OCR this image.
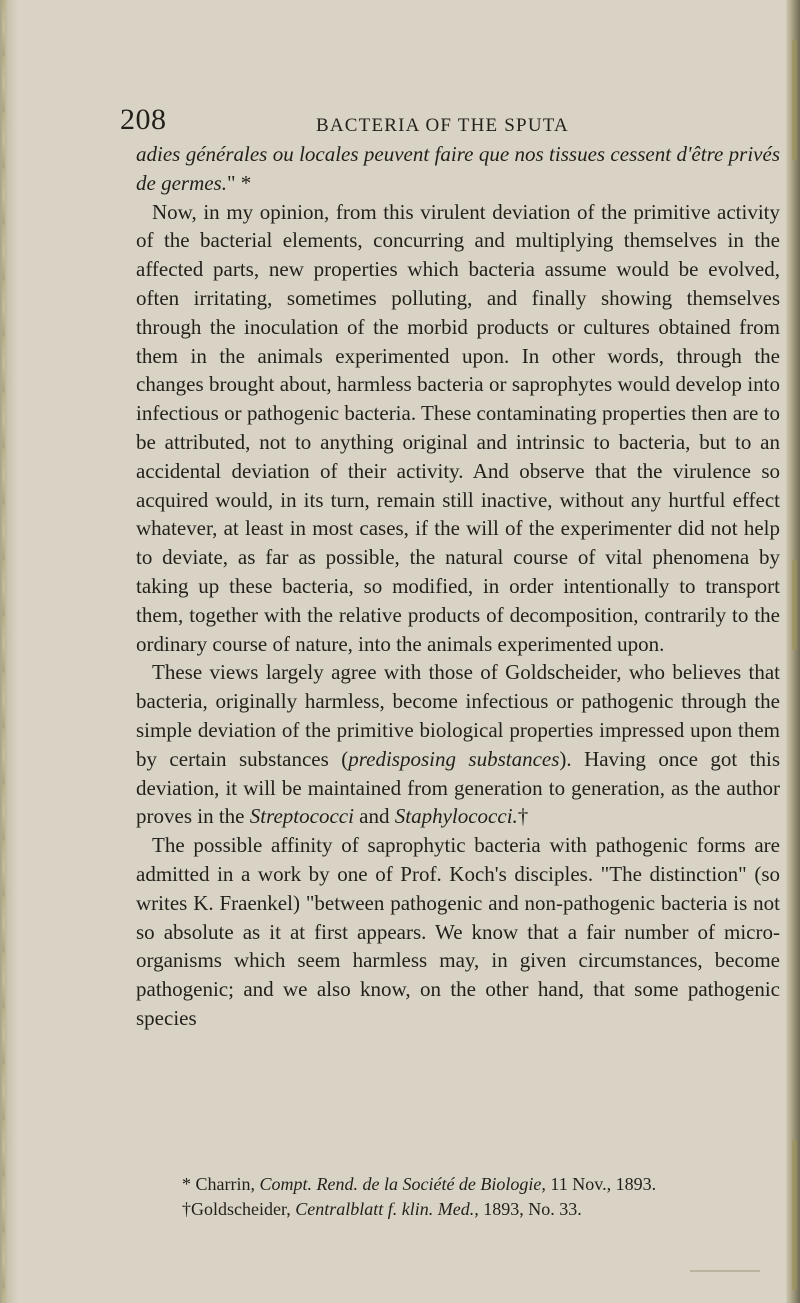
208	BACTERIA OF THE SPUTA

adies générales ou locales peuvent faire que nos tissues cessent d'être privés de germes." *

Now, in my opinion, from this virulent deviation of the primitive activity of the bacterial elements, concurring and multiplying themselves in the affected parts, new properties which bacteria assume would be evolved, often irritating, sometimes polluting, and finally showing themselves through the inoculation of the morbid products or cultures obtained from them in the animals experimented upon. In other words, through the changes brought about, harmless bacteria or saprophytes would develop into infectious or pathogenic bacteria. These contaminating properties then are to be attributed, not to anything original and intrinsic to bacteria, but to an accidental deviation of their activity. And observe that the virulence so acquired would, in its turn, remain still inactive, without any hurtful effect whatever, at least in most cases, if the will of the experimenter did not help to deviate, as far as possible, the natural course of vital phenomena by taking up these bacteria, so modified, in order intentionally to transport them, together with the relative products of decomposition, contrarily to the ordinary course of nature, into the animals experimented upon.

These views largely agree with those of Goldscheider, who believes that bacteria, originally harmless, become infectious or pathogenic through the simple deviation of the primitive biological properties impressed upon them by certain substances (predisposing substances). Having once got this deviation, it will be maintained from generation to generation, as the author proves in the Streptococci and Staphylococci.†

The possible affinity of saprophytic bacteria with pathogenic forms are admitted in a work by one of Prof. Koch's disciples. "The distinction" (so writes K. Fraenkel) "between pathogenic and non-pathogenic bacteria is not so absolute as it at first appears. We know that a fair number of micro-organisms which seem harmless may, in given circumstances, become pathogenic; and we also know, on the other hand, that some pathogenic species

* Charrin, Compt. Rend. de la Société de Biologie, 11 Nov., 1893.

†Goldscheider, Centralblatt f. klin. Med., 1893, No. 33.
